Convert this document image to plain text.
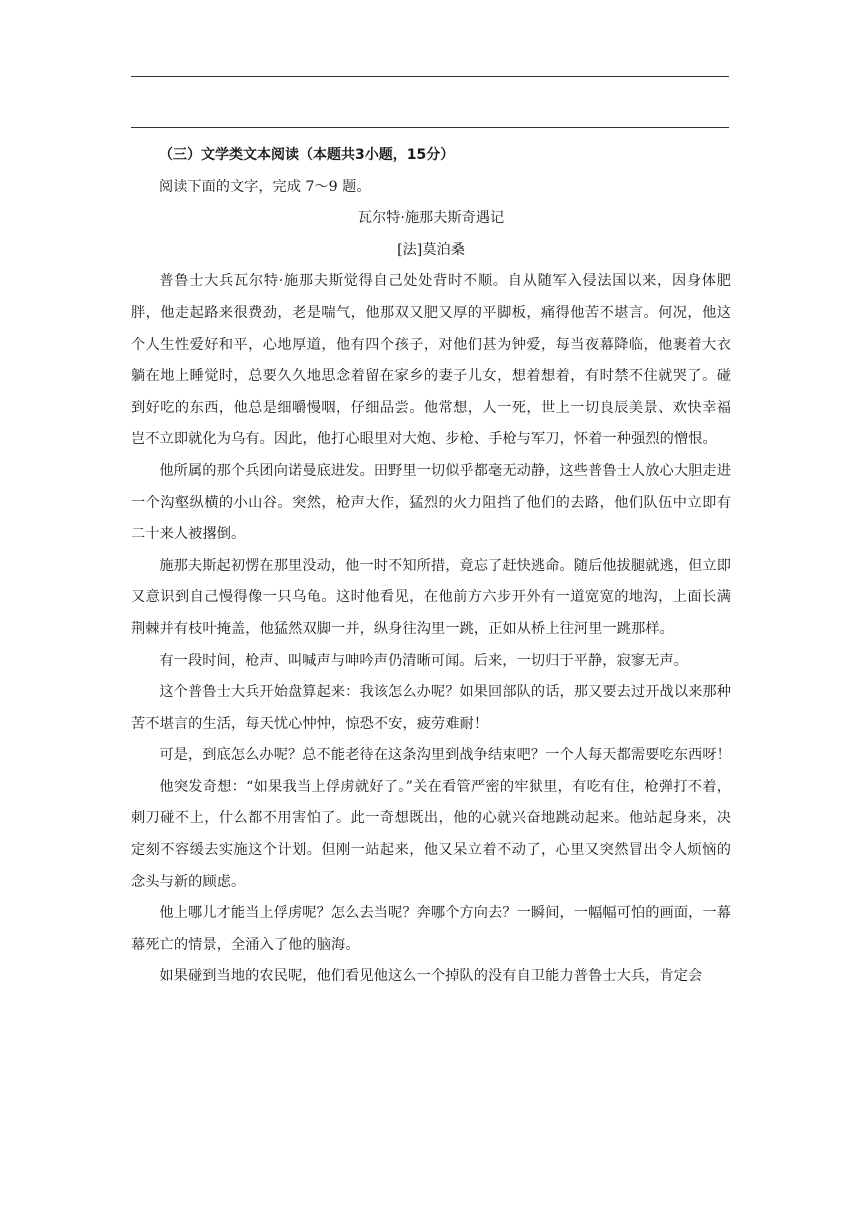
（三）文学类文本阅读（本题共3小题，15分）

阅读下面的文字，完成 7～9 题。

瓦尔特·施那夫斯奇遇记

[法]莫泊桑

普鲁士大兵瓦尔特·施那夫斯觉得自己处处背时不顺。自从随军入侵法国以来，因身体肥胖，他走起路来很费劲，老是喘气，他那双又肥又厚的平脚板，痛得他苦不堪言。何况，他这个人生性爱好和平，心地厚道，他有四个孩子，对他们甚为钟爱，每当夜幕降临，他裹着大衣躺在地上睡觉时，总要久久地思念着留在家乡的妻子儿女，想着想着，有时禁不住就哭了。碰到好吃的东西，他总是细嚼慢咽，仔细品尝。他常想，人一死，世上一切良辰美景、欢快幸福岂不立即就化为乌有。因此，他打心眼里对大炮、步枪、手枪与军刀，怀着一种强烈的憎恨。

他所属的那个兵团向诺曼底进发。田野里一切似乎都毫无动静，这些普鲁士人放心大胆走进一个沟壑纵横的小山谷。突然，枪声大作，猛烈的火力阻挡了他们的去路，他们队伍中立即有二十来人被撂倒。

施那夫斯起初愣在那里没动，他一时不知所措，竟忘了赶快逃命。随后他拔腿就逃，但立即又意识到自己慢得像一只乌龟。这时他看见，在他前方六步开外有一道宽宽的地沟，上面长满荆棘并有枝叶掩盖，他猛然双脚一并，纵身往沟里一跳，正如从桥上往河里一跳那样。

有一段时间，枪声、叫喊声与呻吟声仍清晰可闻。后来，一切归于平静，寂寥无声。

这个普鲁士大兵开始盘算起来：我该怎么办呢？如果回部队的话，那又要去过开战以来那种苦不堪言的生活，每天忧心忡忡，惊恐不安，疲劳难耐！

可是，到底怎么办呢？总不能老待在这条沟里到战争结束吧？一个人每天都需要吃东西呀！

他突发奇想：“如果我当上俘虏就好了。”关在看管严密的牢狱里，有吃有住，枪弹打不着，刺刀碰不上，什么都不用害怕了。此一奇想既出，他的心就兴奋地跳动起来。他站起身来，决定刻不容缓去实施这个计划。但刚一站起来，他又呆立着不动了，心里又突然冒出令人烦恼的念头与新的顾虑。

他上哪儿才能当上俘虏呢？怎么去当呢？奔哪个方向去？一瞬间，一幅幅可怕的画面，一幕幕死亡的情景，全涌入了他的脑海。

如果碰到当地的农民呢，他们看见他这么一个掉队的没有自卫能力普鲁士大兵，肯定会
